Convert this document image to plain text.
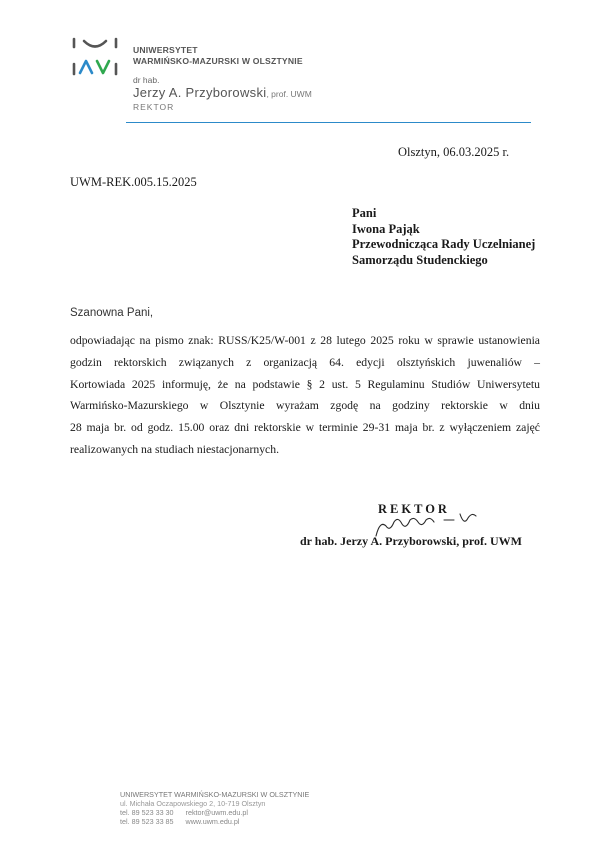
UNIWERSYTET
WARMIŃSKO-MAZURSKI W OLSZTYNIE
dr hab.
Jerzy A. Przyborowski, prof. UWM
REKTOR
Olsztyn, 06.03.2025 r.
UWM-REK.005.15.2025
Pani
Iwona Pająk
Przewodnicząca Rady Uczelnianej
Samorządu Studenckiego
Szanowna Pani,
odpowiadając na pismo znak: RUSS/K25/W-001 z 28 lutego 2025 roku w sprawie ustanowienia
godzin rektorskich związanych z organizacją 64. edycji olsztyńskich juwenaliów –
Kortowiada 2025 informuję, że na podstawie § 2 ust. 5 Regulaminu Studiów Uniwersytetu
Warmińsko-Mazurskiego w Olsztynie wyrażam zgodę na godziny rektorskie w dniu
28 maja br. od godz. 15.00 oraz dni rektorskie w terminie 29-31 maja br. z wyłączeniem zajęć
realizowanych na studiach niestacjonarnych.
REKTOR
dr hab. Jerzy A. Przyborowski, prof. UWM
UNIWERSYTET WARMIŃSKO-MAZURSKI W OLSZTYNIE
ul. Michała Oczapowskiego 2, 10-719 Olsztyn
tel. 89 523 33 30 rektor@uwm.edu.pl
tel. 89 523 33 85 www.uwm.edu.pl
